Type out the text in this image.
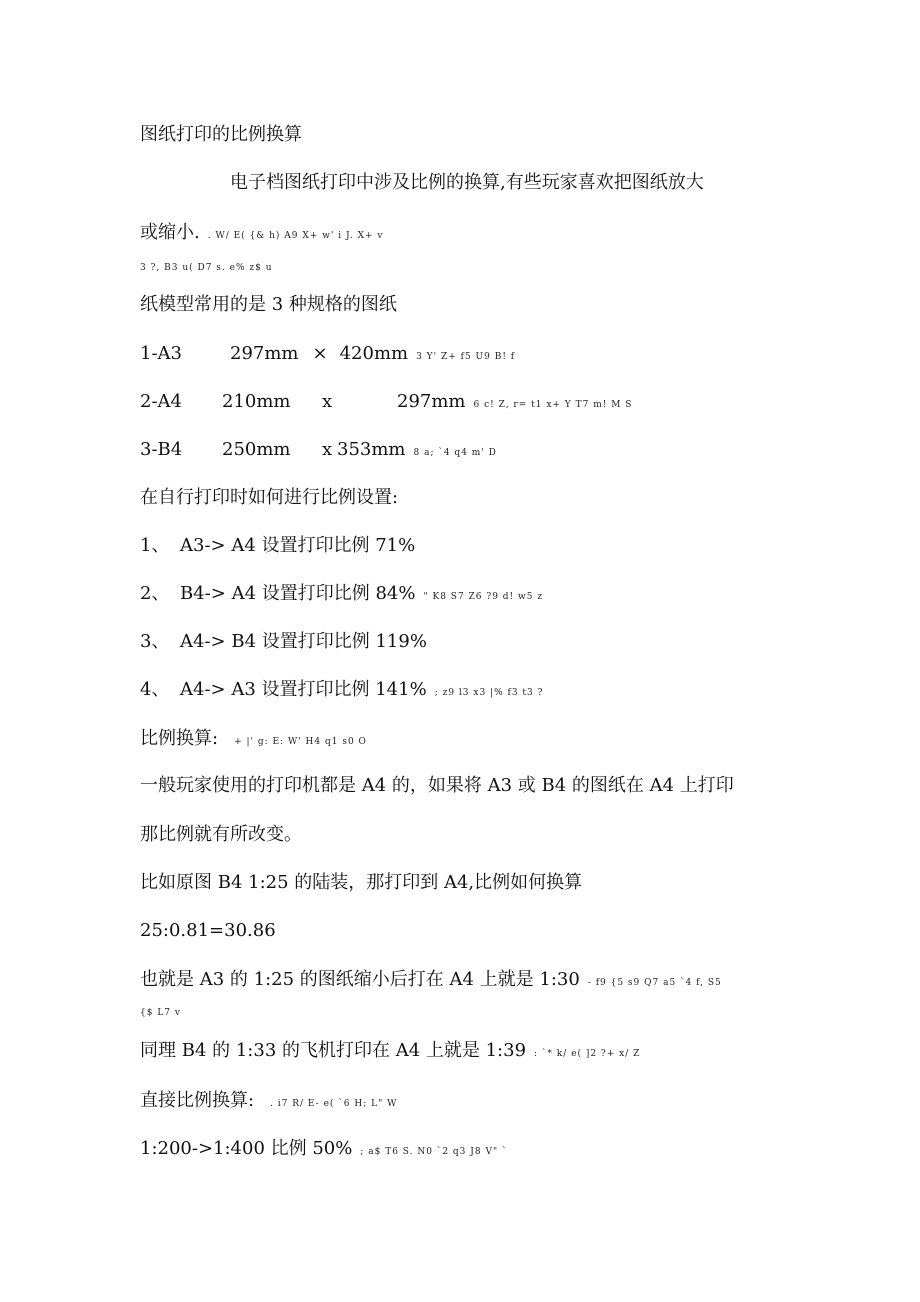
图纸打印的比例换算
电子档图纸打印中涉及比例的换算,有些玩家喜欢把图纸放大
或缩小. . W/ E( {& h) A9 X+ w' i J. X+ v
3 ?, B3 u( D7 s. e% z$ u
纸模型常用的是 3 种规格的图纸
1-A3	297mm × 420mm 3 Y' Z+ f5 U9 B! f
2-A4 210mm x	297mm 6 c! Z, r= t1 x+ Y T7 m! M S
3-B4 250mm x 353mm 8 a; `4 q4 m' D
在自行打印时如何进行比例设置:
1、 A3-> A4 设置打印比例 71%
2、 B4-> A4 设置打印比例 84% " K8 S7 Z6 ?9 d! w5 z
3、 A4-> B4 设置打印比例 119%
4、 A4-> A3 设置打印比例 141% ; z9 l3 x3 |% f3 t3 ?
比例换算: + |' g: E: W' H4 q1 s0 O
一般玩家使用的打印机都是 A4 的，如果将 A3 或 B4 的图纸在 A4 上打印
那比例就有所改变。
比如原图 B4 1:25 的陆装，那打印到 A4,比例如何换算
25:0.81=30.86
也就是 A3 的 1:25 的图纸缩小后打在 A4 上就是 1:30 - f9 {5 s9 Q7 a5 `4 f, S5
{$ L7 v
同理 B4 的 1:33 的飞机打印在 A4 上就是 1:39 : `* k/ e( ]2 ?+ x/ Z
直接比例换算: . i7 R/ E- e( `6 H; L" W
1:200->1:400 比例 50% ; a$ T6 S. N0 `2 q3 J8 V" `
